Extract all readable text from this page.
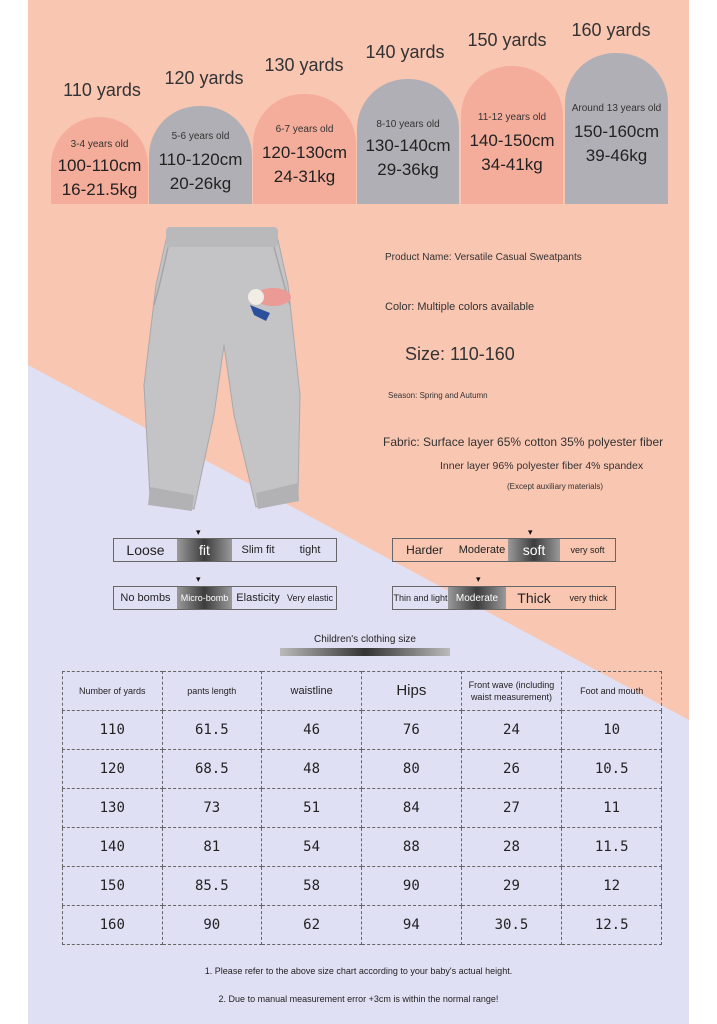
110 yards
120 yards
130 yards
140 yards
150 yards	160 yards
3-4 years old
100-110cm
16-21.5kg
5-6 years old
110-120cm
20-26kg
6-7 years old
120-130cm
24-31kg
8-10 years old
130-140cm
29-36kg
11-12 years old
140-150cm
34-41kg
Around 13 years old
150-160cm
39-46kg
Product Name: Versatile Casual Sweatpants
Color: Multiple colors available
Size: 110-160
Season: Spring and Autumn
Fabric: Surface layer 65% cotton 35% polyester fiber
Inner layer 96% polyester fiber 4% spandex
(Except auxiliary materials)
▾
Loose	fit	Slim fit	tight
▾
Harder	Moderate	soft	very soft
▾
No bombs	Micro-bomb Elasticity Very elastic
▾
Thin and light Moderate	Thick	very thick
Children's clothing size
Number of yards	pants length	waistline	Hips	Front wave (including waist measurement)	Foot and mouth
110	61.5	46	76	24	10
120	68.5	48	80	26	10.5
130	73	51	84	27	11
140	81	54	88	28	11.5
150	85.5	58	90	29	12
160	90	62	94	30.5	12.5
1. Please refer to the above size chart according to your baby's actual height.
2. Due to manual measurement error +3cm is within the normal range!
